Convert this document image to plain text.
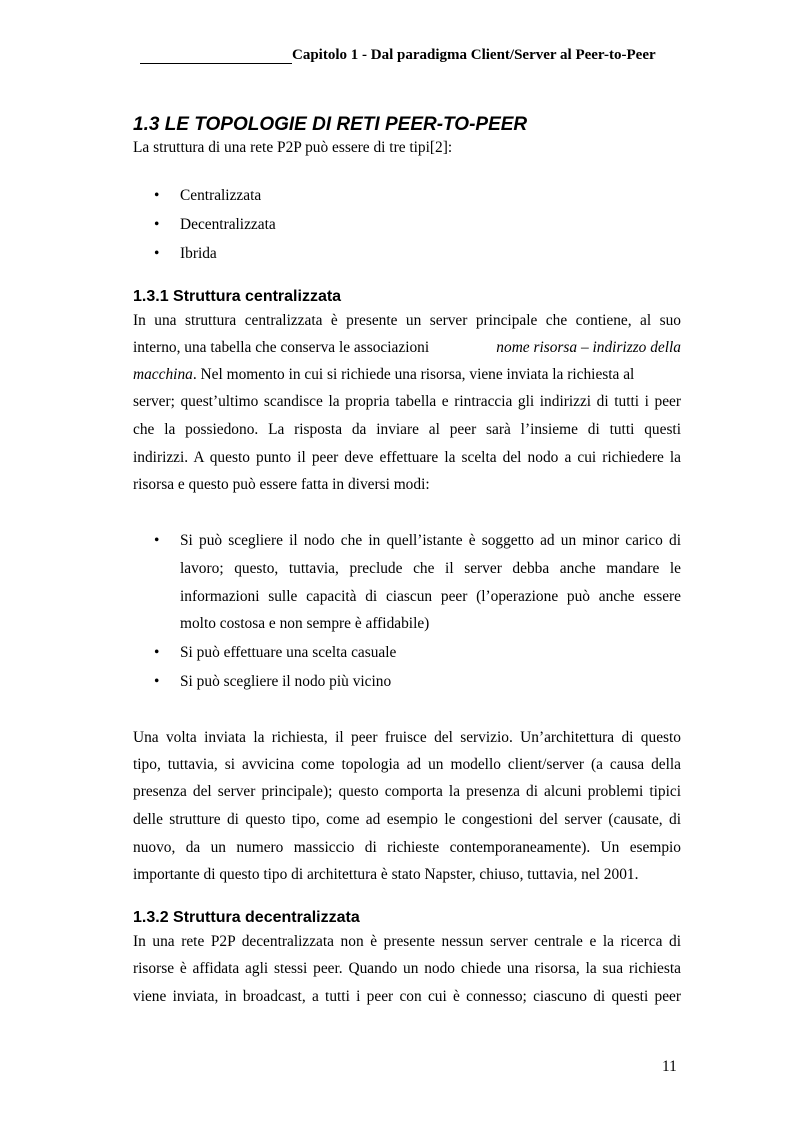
Capitolo 1 - Dal paradigma Client/Server al Peer-to-Peer
1.3 LE TOPOLOGIE DI RETI PEER-TO-PEER
La struttura di una rete P2P può essere di tre tipi[2]:
• Centralizzata
• Decentralizzata
• Ibrida
1.3.1 Struttura centralizzata
In una struttura centralizzata è presente un server principale che contiene, al suo
interno, una tabella che conserva le associazioni	nome risorsa – indirizzo della
macchina. Nel momento in cui si richiede una risorsa, viene inviata la richiesta al
server; quest’ultimo scandisce la propria tabella e rintraccia gli indirizzi di tutti i peer
che la possiedono. La risposta da inviare al peer sarà l’insieme di tutti questi
indirizzi. A questo punto il peer deve effettuare la scelta del nodo a cui richiedere la
risorsa e questo può essere fatta in diversi modi:
• Si può scegliere il nodo che in quell’istante è soggetto ad un minor carico di
lavoro; questo, tuttavia, preclude che il server debba anche mandare le
informazioni sulle capacità di ciascun peer (l’operazione può anche essere
molto costosa e non sempre è affidabile)
• Si può effettuare una scelta casuale
• Si può scegliere il nodo più vicino
Una volta inviata la richiesta, il peer fruisce del servizio. Un’architettura di questo
tipo, tuttavia, si avvicina come topologia ad un modello client/server (a causa della
presenza del server principale); questo comporta la presenza di alcuni problemi tipici
delle strutture di questo tipo, come ad esempio le congestioni del server (causate, di
nuovo, da un numero massiccio di richieste contemporaneamente). Un esempio
importante di questo tipo di architettura è stato Napster, chiuso, tuttavia, nel 2001.
1.3.2 Struttura decentralizzata
In una rete P2P decentralizzata non è presente nessun server centrale e la ricerca di
risorse è affidata agli stessi peer. Quando un nodo chiede una risorsa, la sua richiesta
viene inviata, in broadcast, a tutti i peer con cui è connesso; ciascuno di questi peer
11
